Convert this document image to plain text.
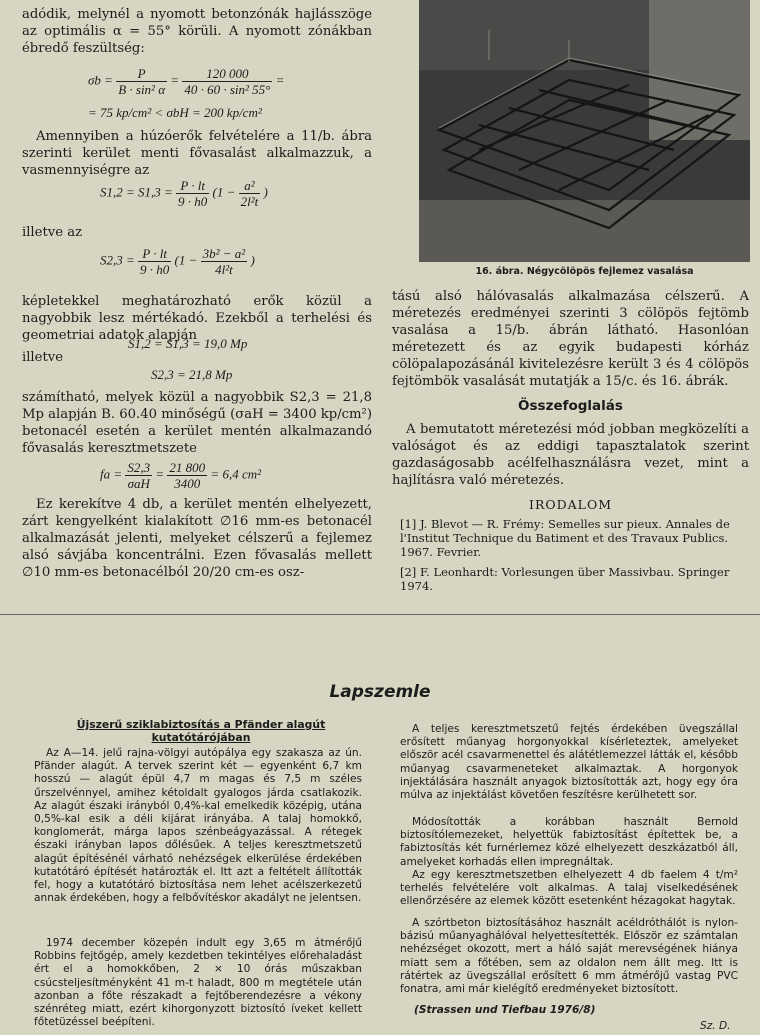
adódik, melynél a nyomott betonzónák hajlásszöge az optimális α = 55° körüli. A nyomott zónákban ébredő feszültség:

$\sigma b = \frac{P}{\text{B · sin² α}} = \frac{120 000}{\text{40 · 60 · sin² 55°}}$ =
= 75 kp/cm² < σbH = 200 kp/cm²

Amennyiben a húzóerők felvételére a 11/b. ábra szerinti kerület menti fővasalást alkalmazzuk, a vasmennyiségre az

$S1,2 = S1,3 = \frac{P \cdot lt}{9 \cdot h0} (1 - \frac{\text{a²}}{\text{2l²t}}$ )
illetve az
$S2,3 = \frac{P \cdot lt}{9 \cdot h0} (1 - \frac{\text{3b² − a²}}{\text{4l²t}}$ )

képletekkel meghatározható erők közül a nagyobbik lesz mértékadó. Ezekből a terhelési és geometriai adatok alapján

S1,2 = S1,3 = 19,0 Mp
illetve
S2,3 = 21,8 Mp

számítható, melyek közül a nagyobbik S2,3 = 21,8 Mp alapján B. 60.40 minőségű (σaH = 3400 kp/cm²) betonacél esetén a kerület mentén alkalmazandó fővasalás keresztmetszete

fa = $\frac{S2,3}{\text{σaH}} = \frac{21 800}{3400} = 6,4$ cm²

Ez kerekítve 4 db, a kerület mentén elhelyezett, zárt kengyelként kialakított ∅16 mm-es betonacél alkalmazását jelenti, melyeket célszerű a fejlemez alsó sávjába koncentrálni. Ezen fővasalás mellett ∅10 mm-es betonacélból 20/20 cm-es osz-

16. ábra. Négycölöpös fejlemez vasalása

tású alsó hálóvasalás alkalmazása célszerű. A méretezés eredményei szerinti 3 cölöpös fejtömb vasalása a 15/b. ábrán látható. Hasonlóan méretezett és az egyik budapesti kórház cölöpalapozásánál kivitelezésre került 3 és 4 cölöpös fejtömbök vasalását mutatják a 15/c. és 16. ábrák.

Összefoglalás

A bemutatott méretezési mód jobban megközelíti a valóságot és az eddigi tapasztalatok szerint gazdaságosabb acélfelhasználásra vezet, mint a hajlításra való méretezés.

IRODALOM

[1] J. Blevot — R. Frémy: Semelles sur pieux. Annales de l'Institut Technique du Batiment et des Travaux Publics. 1967. Fevrier.

[2] F. Leonhardt: Vorlesungen über Massivbau. Springer 1974.

Lapszemle
Újszerű sziklabiztosítás a Pfänder alagút kutatótárójában

Az A—14. jelű rajna-völgyi autópálya egy szakasza az ún. Pfänder alagút. A tervek szerint két — egyenként 6,7 km hosszú — alagút épül 4,7 m magas és 7,5 m széles űrszelvénnyel, amihez kétoldalt gyalogos járda csatlakozik. Az alagút északi irányból 0,4%-kal emelkedik középig, utána 0,5%-kal esik a déli kijárat irányába. A talaj homokkő, konglomerát, márga lapos szénbeágyazással. A rétegek északi irányban lapos dőlésűek. A teljes keresztmetszetű alagút építésénél várható nehézségek elkerülése érdekében kutatótáró építését határozták el. Itt azt a feltételt állították fel, hogy a kutatótáró biztosítása nem lehet acélszerkezetű annak érdekében, hogy a felbővítéskor akadályt ne jelentsen.

1974 december közepén indult egy 3,65 m átmérőjű Robbins fejtőgép, amely kezdetben tekintélyes előrehaladást ért el a homokkőben, 2 × 10 órás műszakban csúcsteljesítményként 41 m-t haladt, 800 m megtétele után azonban a főte részakadt a fejtőberendezésre a vékony szénréteg miatt, ezért kihorgonyzott biztosító íveket kellett főtetüzéssel beépíteni.

A teljes keresztmetszetű fejtés érdekében üvegszállal erősített műanyag horgonyokkal kísérleteztek, amelyeket először acél csavarmenettel és alátétlemezzel látták el, később műanyag csavarmeneteket alkalmaztak. A horgonyok injektálására használt anyagok biztosították azt, hogy egy óra múlva az injektálást követően feszítésre kerülhetett sor.

Módosították a korábban használt Bernold biztosítólemezeket, helyettük fabiztosítást építettek be, a fabiztosítás két furnérlemez közé elhelyezett deszkázatból áll, amelyeket korhadás ellen impregnáltak.

Az egy keresztmetszetben elhelyezett 4 db faelem 4 t/m² terhelés felvételére volt alkalmas. A talaj viselkedésének ellenőrzésére az elemek között esetenként hézagokat hagytak.

A szórtbeton biztosításához használt acéldróthálót is nylon-bázisú műanyaghálóval helyettesítették. Először ez számtalan nehézséget okozott, mert a háló saját merevségének hiánya miatt sem a főtében, sem az oldalon nem állt meg. Itt is rátértek az üvegszállal erősített 6 mm átmérőjű vastag PVC fonatra, ami már kielégítő eredményeket biztosított.

(Strassen und Tiefbau 1976/8)
Sz. D.
